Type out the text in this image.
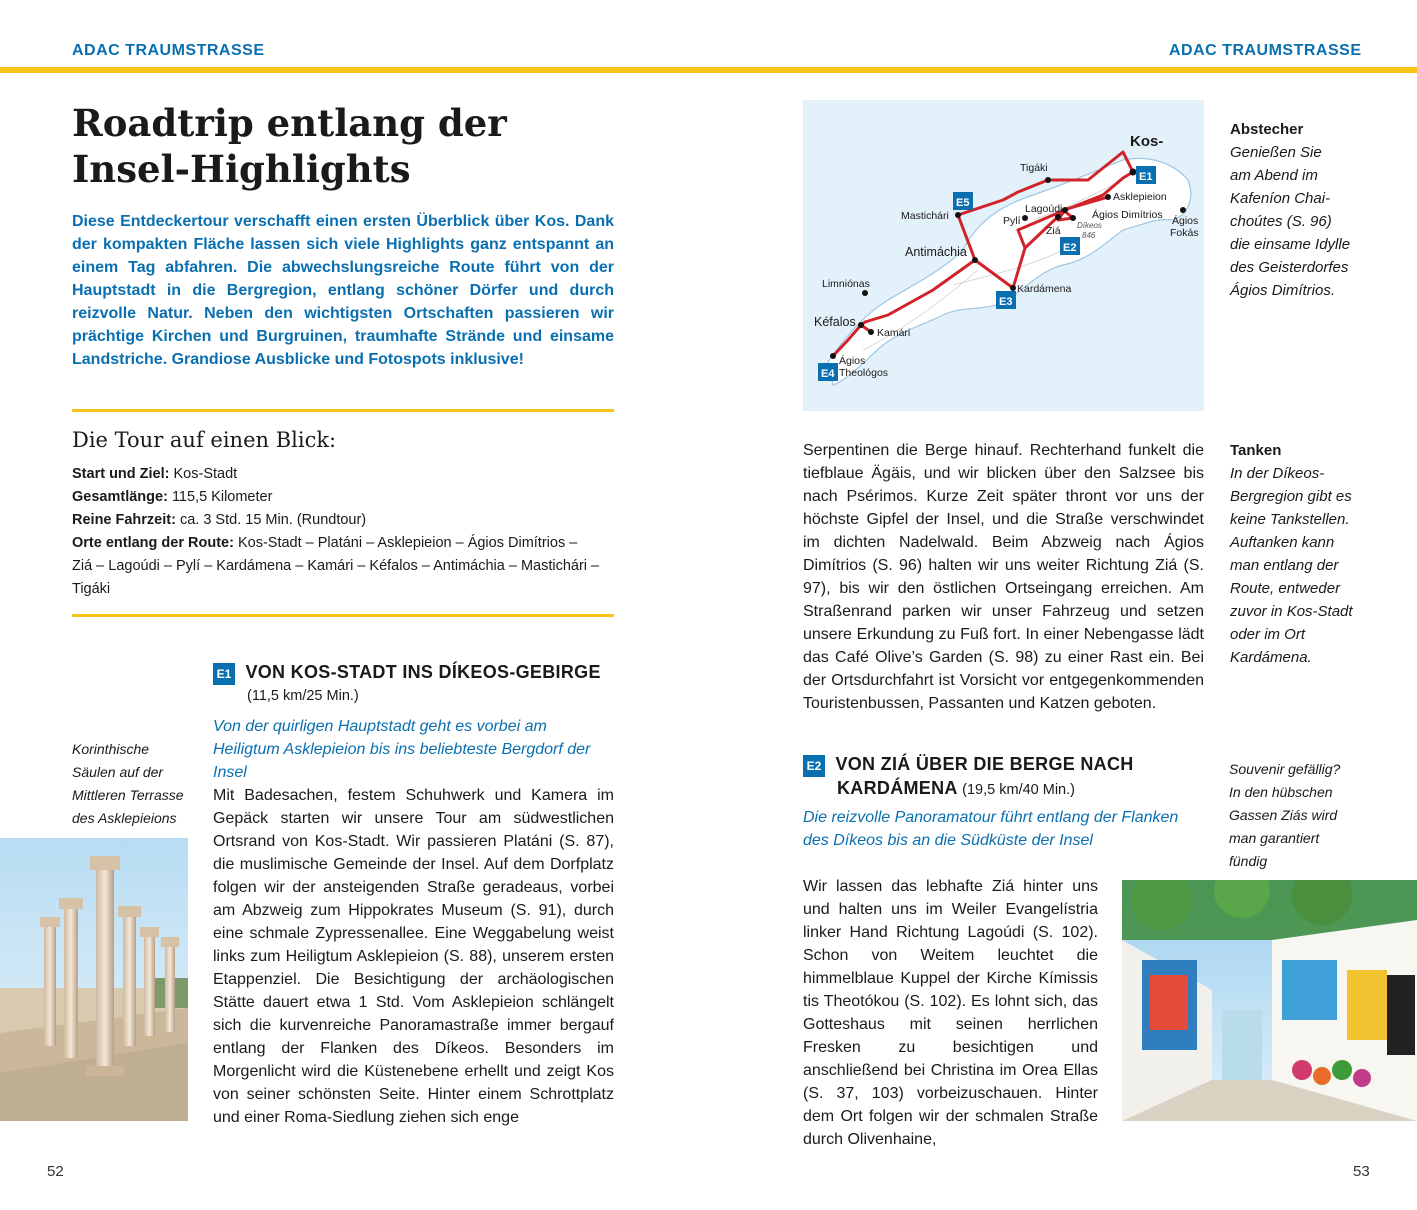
ADAC TRAUMSTRASSE	ADAC TRAUMSTRASSE
Roadtrip entlang der
Insel-Highlights

Diese Entdeckertour verschafft einen ersten Überblick über Kos. Dank der kompakten Fläche lassen sich viele Highlights ganz entspannt an einem Tag abfahren. Die abwechslungsreiche Route führt von der Hauptstadt in die Bergregion, entlang schöner Dörfer und durch reizvolle Natur. Neben den wichtigsten Ortschaften passieren wir prächtige Kirchen und Burgruinen, traumhafte Strände und einsame Landstriche. Grandiose Ausblicke und Fotospots inklusive!

Die Tour auf einen Blick:
Start und Ziel: Kos-Stadt
Gesamtlänge: 115,5 Kilometer
Reine Fahrzeit: ca. 3 Std. 15 Min. (Rundtour)
Orte entlang der Route: Kos-Stadt – Platáni – Asklepieion – Ágios Dimítrios –
Ziá – Lagoúdi – Pylí – Kardámena – Kamári – Kéfalos – Antimáchia – Mastichári –
Tigáki
Korinthische
Säulen auf der
Mittleren Terrasse
des Asklepieions
E1 VON KOS-STADT INS DÍKEOS-GEBIRGE
(11,5 km/25 Min.)
Von der quirligen Hauptstadt geht es vorbei am Heiligtum Asklepieion bis ins beliebteste Bergdorf der Insel
Mit Badesachen, festem Schuhwerk und Kamera im Gepäck starten wir unsere Tour am südwestlichen Ortsrand von Kos-Stadt. Wir passieren Platáni (S. 87), die muslimische Gemeinde der Insel. Auf dem Dorfplatz folgen wir der ansteigenden Straße geradeaus, vorbei am Abzweig zum Hippokrates Museum (S. 91), durch eine schmale Zypressenallee. Eine Weggabelung weist links zum Heiligtum Asklepieion (S. 88), unserem ersten Etappenziel. Die Besichtigung der archäologischen Stätte dauert etwa 1 Std. Vom Asklepieion schlängelt sich die kurvenreiche Panoramastraße immer bergauf entlang der Flanken des Díkeos. Besonders im Morgenlicht wird die Küstenebene erhellt und zeigt Kos von seiner schönsten Seite. Hinter einem Schrottplatz und einer Roma-Siedlung ziehen sich enge
52
Kos-
Tigáki
Asklepieion
Mastichári
Lagoúdi	Ágios Dimítrios Ágios
Fokás
Pylí
Ziá Díkeos
846
Antimáchia
Limniónas	Kardámena
Kéfalos
Kamári
Ágios
Theológos
E1
E2
E3
E4
E5
Abstecher
Genießen Sie
am Abend im
Kafeníon Chai-
choútes (S. 96)
die einsame Idylle
des Geisterdorfes
Ágios Dimítrios.
Serpentinen die Berge hinauf. Rechterhand funkelt die tiefblaue Ägäis, und wir blicken über den Salzsee bis nach Psérimos. Kurze Zeit später thront vor uns der höchste Gipfel der Insel, und die Straße verschwindet im dichten Nadelwald. Beim Abzweig nach Ágios Dimítrios (S. 96) halten wir uns weiter Richtung Ziá (S. 97), bis wir den östlichen Ortseingang erreichen. Am Straßenrand parken wir unser Fahrzeug und setzen unsere Erkundung zu Fuß fort. In einer Nebengasse lädt das Café Olive’s Garden (S. 98) zu einer Rast ein. Bei der Ortsdurchfahrt ist Vorsicht vor entgegenkommenden Touristenbussen, Passanten und Katzen geboten.
Tanken
In der Díkeos-
Bergregion gibt es
keine Tankstellen.
Auftanken kann
man entlang der
Route, entweder
zuvor in Kos-Stadt
oder im Ort
Kardámena.
E2 VON ZIÁ ÜBER DIE BERGE NACH
KARDÁMENA (19,5 km/40 Min.)
Die reizvolle Panoramatour führt entlang der Flanken des Díkeos bis an die Südküste der Insel
Wir lassen das lebhafte Ziá hinter uns und halten uns im Weiler Evangelístria linker Hand Richtung Lagoúdi (S. 102). Schon von Weitem leuchtet die himmelblaue Kuppel der Kirche Kímissis tis Theotókou (S. 102). Es lohnt sich, das Gotteshaus mit seinen herrlichen Fresken zu besichtigen und anschließend bei Christina im Orea Ellas (S. 37, 103) vorbeizuschauen. Hinter dem Ort folgen wir der schmalen Straße durch Olivenhaine,
Souvenir gefällig?
In den hübschen
Gassen Ziás wird
man garantiert
fündig
53
